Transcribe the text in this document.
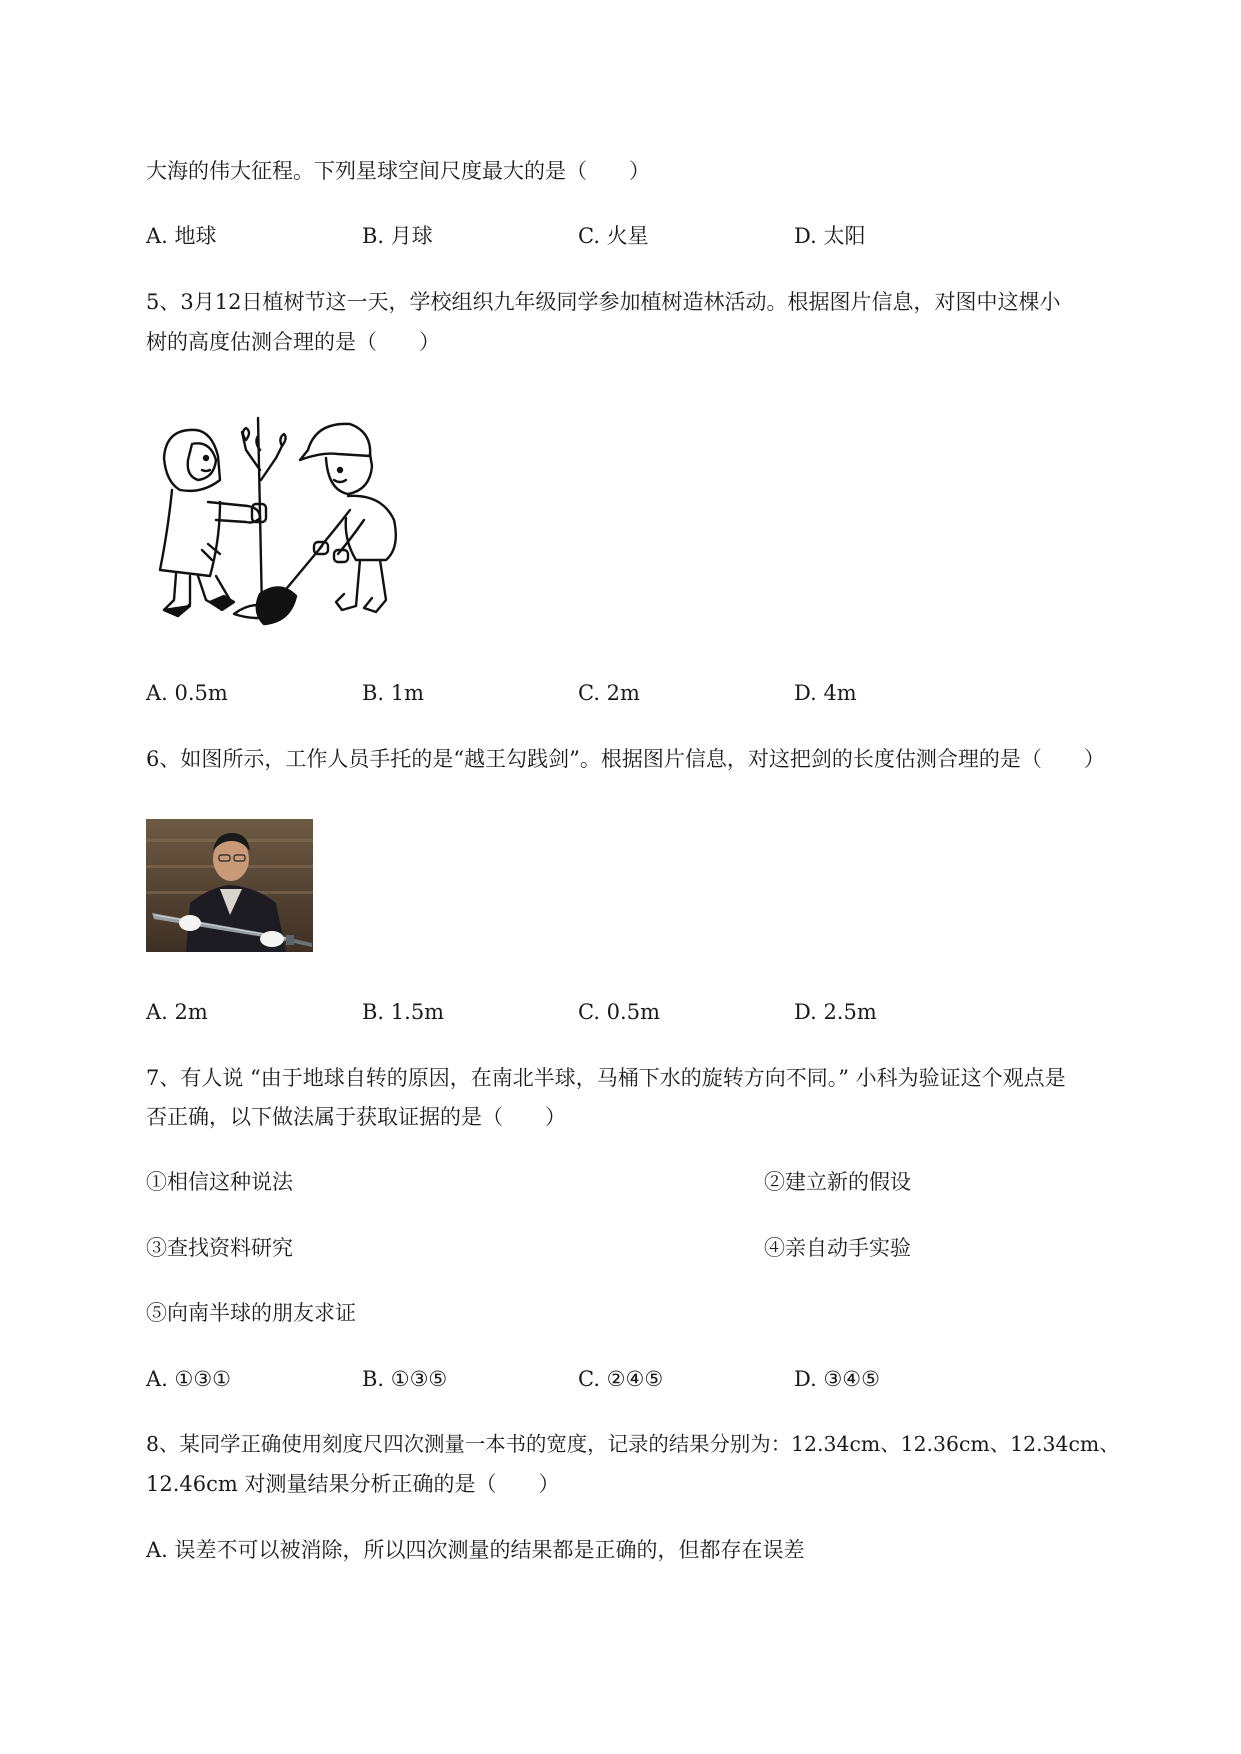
大海的伟大征程。下列星球空间尺度最大的是（　　）
A. 地球	B. 月球	C. 火星	D. 太阳
5、3月12日植树节这一天，学校组织九年级同学参加植树造林活动。根据图片信息，对图中这棵小
树的高度估测合理的是（　　）
A. 0.5m	B. 1m	C. 2m	D. 4m
6、如图所示，工作人员手托的是“越王勾践剑”。根据图片信息，对这把剑的长度估测合理的是（　　）
A. 2m	B. 1.5m	C. 0.5m	D. 2.5m
7、有人说 “由于地球自转的原因，在南北半球，马桶下水的旋转方向不同。” 小科为验证这个观点是
否正确，以下做法属于获取证据的是（　　）
①相信这种说法	②建立新的假设
③查找资料研究	④亲自动手实验
⑤向南半球的朋友求证
A. ①③①	B. ①③⑤	C. ②④⑤	D. ③④⑤
8、某同学正确使用刻度尺四次测量一本书的宽度，记录的结果分别为：12.34cm、12.36cm、12.34cm、
12.46cm 对测量结果分析正确的是（　　）
A. 误差不可以被消除，所以四次测量的结果都是正确的，但都存在误差
